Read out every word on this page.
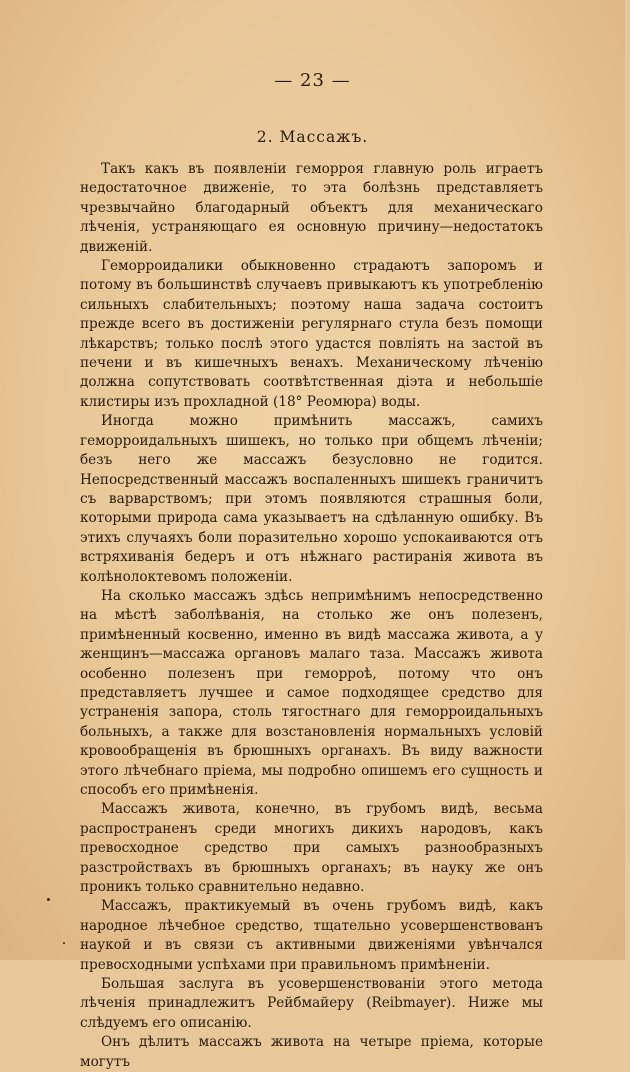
— 23 —
2. Массажъ.

Такъ какъ въ появленіи геморроя главную роль играетъ недостаточное движеніе, то эта болѣзнь представляетъ чрезвычайно благодарный объектъ для механическаго лѣченія, устраняющаго ея основную причину—недостатокъ движеній.

Геморроидалики обыкновенно страдаютъ запоромъ и потому въ большинствѣ случаевъ привыкаютъ къ употребленію сильныхъ слабительныхъ; поэтому наша задача состоитъ прежде всего въ достиженіи регулярнаго стула безъ помощи лѣкарствъ; только послѣ этого удастся повліять на застой въ печени и въ кишечныхъ венахъ. Механическому лѣченію должна сопутствовать соотвѣтственная діэта и небольшіе клистиры изъ прохладной (18° Реомюра) воды.

Иногда можно примѣнить массажъ, самихъ геморроидальныхъ шишекъ, но только при общемъ лѣченіи; безъ него же массажъ безусловно не годится. Непосредственный массажъ воспаленныхъ шишекъ граничитъ съ варварствомъ; при этомъ появляются страшныя боли, которыми природа сама указываетъ на сдѣланную ошибку. Въ этихъ случаяхъ боли поразительно хорошо успокаиваются отъ встряхиванія бедеръ и отъ нѣжнаго растиранія живота въ колѣнолоктевомъ положеніи.

На сколько массажъ здѣсь непримѣнимъ непосредственно на мѣстѣ заболѣванія, на столько же онъ полезенъ, примѣненный косвенно, именно въ видѣ массажа живота, а у женщинъ—массажа органовъ малаго таза. Массажъ живота особенно полезенъ при геморроѣ, потому что онъ представляетъ лучшее и самое подходящее средство для устраненія запора, столь тягостнаго для геморроидальныхъ больныхъ, а также для возстановленія нормальныхъ условій кровообращенія въ брюшныхъ органахъ. Въ виду важности этого лѣчебнаго пріема, мы подробно опишемъ его сущность и способъ его примѣненія.

Массажъ живота, конечно, въ грубомъ видѣ, весьма распространенъ среди многихъ дикихъ народовъ, какъ превосходное средство при самыхъ разнообразныхъ разстройствахъ въ брюшныхъ органахъ; въ науку же онъ проникъ только сравнительно недавно.

Массажъ, практикуемый въ очень грубомъ видѣ, какъ народное лѣчебное средство, тщательно усовершенствованъ наукой и въ связи съ активными движеніями увѣнчался превосходными успѣхами при правильномъ примѣненіи.

Большая заслуга въ усовершенствованіи этого метода лѣченія принадлежитъ Рейбмайеру (Reibmayer). Ниже мы слѣдуемъ его описанію.

Онъ дѣлитъ массажъ живота на четыре пріема, которые могутъ
